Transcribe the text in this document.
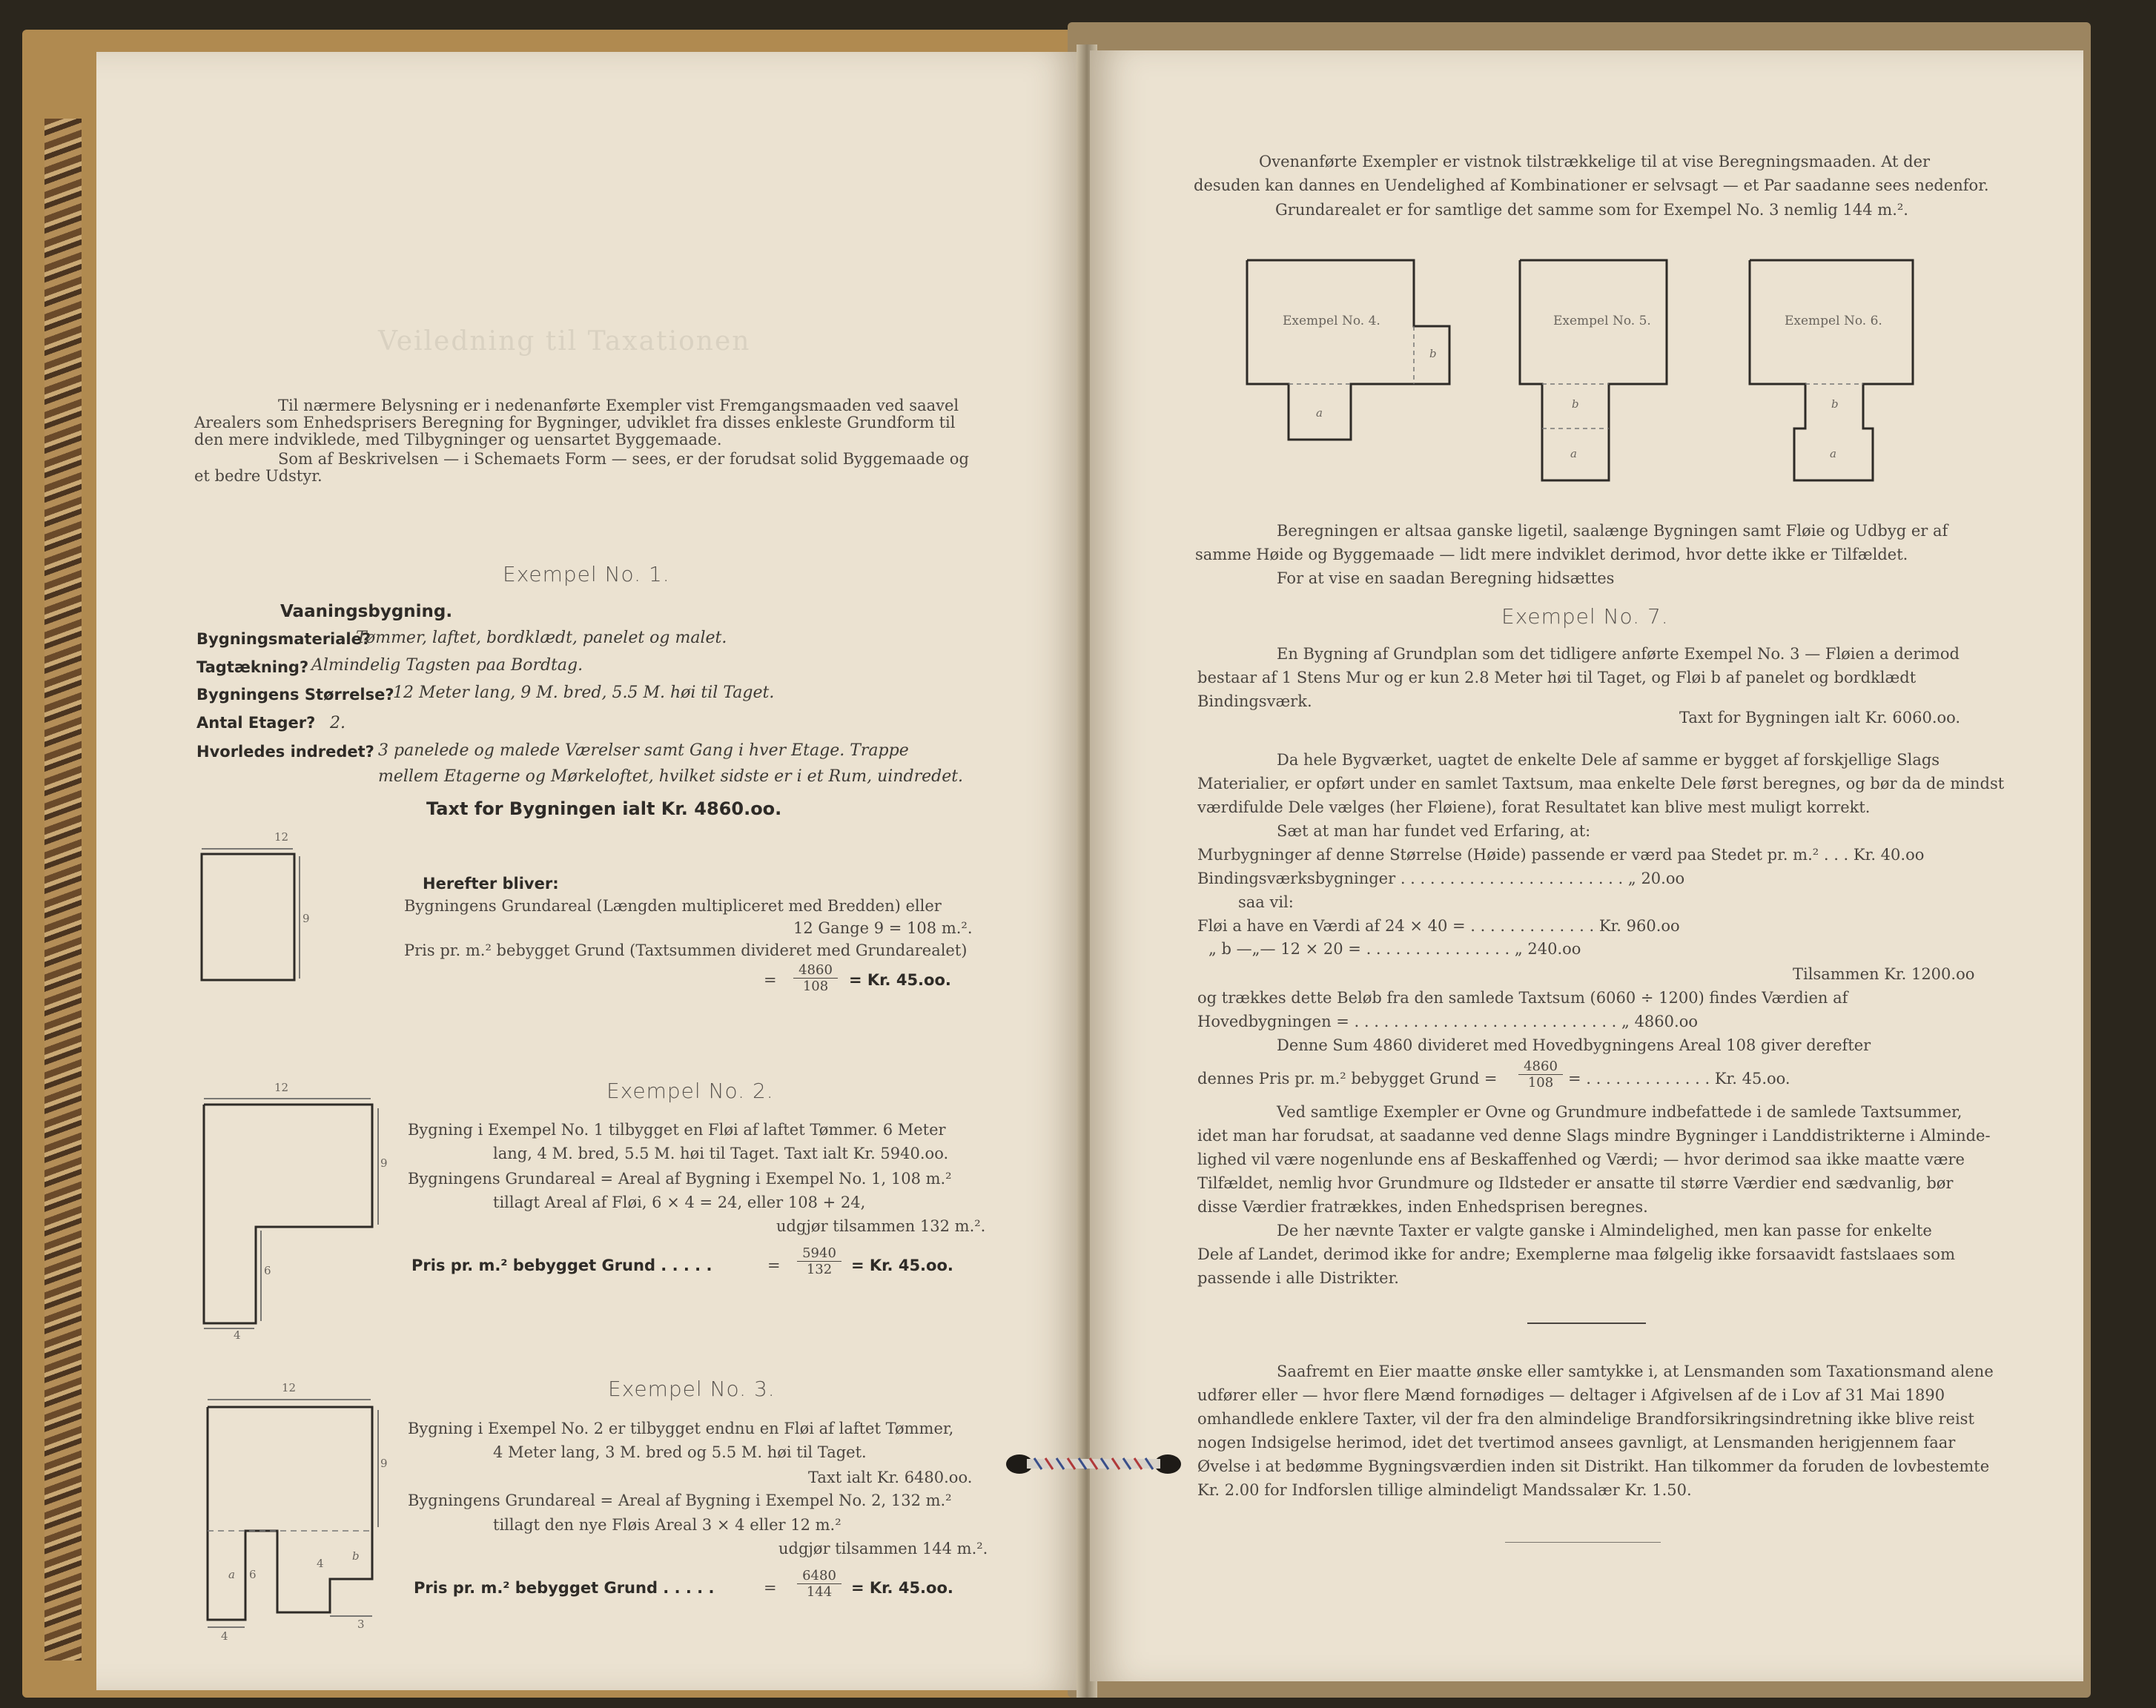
Veiledning til Taxationen
Til nærmere Belysning er i nedenanførte Exempler vist Fremgangsmaaden ved saavel
Arealers som Enhedsprisers Beregning for Bygninger, udviklet fra disses enkleste Grundform til
den mere indviklede, med Tilbygninger og uensartet Byggemaade.
Som af Beskrivelsen — i Schemaets Form — sees, er der forudsat solid Byggemaade og
et bedre Udstyr.
Exempel No. 1.
Vaaningsbygning.
Bygningsmateriale?
Tømmer, laftet, bordklædt, panelet og malet.
Tagtækning? Almindelig Tagsten paa Bordtag.
Bygningens Størrelse?
12 Meter lang, 9 M. bred, 5.5 M. høi til Taget.
Antal Etager? 2.
Hvorledes indredet? 3 panelede og malede Værelser samt Gang i hver Etage. Trappe
mellem Etagerne og Mørkeloftet, hvilket sidste er i et Rum, uindredet.
Taxt for Bygningen ialt Kr. 4860.oo.
12
9
Herefter bliver:
Bygningens Grundareal (Længden multipliceret med Bredden) eller
12 Gange 9 = 108 m.².
Pris pr. m.² bebygget Grund (Taxtsummen divideret med Grundarealet)
= $\frac{4860}{108} = Kr$. 45.oo.
Exempel No. 2.
12
9
6
4
Bygning i Exempel No. 1 tilbygget en Fløi af laftet Tømmer. 6 Meter
lang, 4 M. bred, 5.5 M. høi til Taget. Taxt ialt Kr. 5940.oo.
Bygningens Grundareal = Areal af Bygning i Exempel No. 1, 108 m.²
tillagt Areal af Fløi, 6 × 4 = 24, eller 108 + 24,
udgjør tilsammen 132 m.².
Pris pr. m.² bebygget Grund . . . . .	= $\frac{5940}{132} = Kr$. 45.oo.
Exempel No. 3.
12
9
a 6
4
b
4
3
Bygning i Exempel No. 2 er tilbygget endnu en Fløi af laftet Tømmer,
4 Meter lang, 3 M. bred og 5.5 M. høi til Taget.
Taxt ialt Kr. 6480.oo.
Bygningens Grundareal = Areal af Bygning i Exempel No. 2, 132 m.²
tillagt den nye Fløis Areal 3 × 4 eller 12 m.²
udgjør tilsammen 144 m.².
Pris pr. m.² bebygget Grund . . . . .	= $\frac{6480}{144} = Kr$. 45.oo.
Ovenanførte Exempler er vistnok tilstrækkelige til at vise Beregningsmaaden. At der
desuden kan dannes en Uendelighed af Kombinationer er selvsagt — et Par saadanne sees nedenfor.
Grundarealet er for samtlige det samme som for Exempel No. 3 nemlig 144 m.².
Exempel No. 4.
b
a
Exempel No. 5.
b
a
Exempel No. 6.
b
a
Beregningen er altsaa ganske ligetil, saalænge Bygningen samt Fløie og Udbyg er af
samme Høide og Byggemaade — lidt mere indviklet derimod, hvor dette ikke er Tilfældet.
For at vise en saadan Beregning hidsættes
Exempel No. 7.
En Bygning af Grundplan som det tidligere anførte Exempel No. 3 — Fløien a derimod
bestaar af 1 Stens Mur og er kun 2.8 Meter høi til Taget, og Fløi b af panelet og bordklædt
Bindingsværk.
Taxt for Bygningen ialt Kr. 6060.oo.
Da hele Bygværket, uagtet de enkelte Dele af samme er bygget af forskjellige Slags
Materialier, er opført under en samlet Taxtsum, maa enkelte Dele først beregnes, og bør da de mindst
værdifulde Dele vælges (her Fløiene), forat Resultatet kan blive mest muligt korrekt.
Sæt at man har fundet ved Erfaring, at:
Murbygninger af denne Størrelse (Høide) passende er værd paa Stedet pr. m.² . . . Kr. 40.oo
Bindingsværksbygninger . . . . . . . . . . . . . . . . . . . . . . . „ 20.oo
saa vil:
Fløi a have en Værdi af 24 × 40 = . . . . . . . . . . . . . Kr. 960.oo
„ b —„— 12 × 20 = . . . . . . . . . . . . . . . „ 240.oo
Tilsammen Kr. 1200.oo
og trækkes dette Beløb fra den samlede Taxtsum (6060 ÷ 1200) findes Værdien af
Hovedbygningen = . . . . . . . . . . . . . . . . . . . . . . . . . . . „ 4860.oo
Denne Sum 4860 divideret med Hovedbygningens Areal 108 giver derefter
dennes Pris pr. m.² bebygget Grund = $\frac{4860}{108}$ = . . . . . . . . . . . . . Kr. 45.oo.
Ved samtlige Exempler er Ovne og Grundmure indbefattede i de samlede Taxtsummer,
idet man har forudsat, at saadanne ved denne Slags mindre Bygninger i Landdistrikterne i Alminde-
lighed vil være nogenlunde ens af Beskaffenhed og Værdi; — hvor derimod saa ikke maatte være
Tilfældet, nemlig hvor Grundmure og Ildsteder er ansatte til større Værdier end sædvanlig, bør
disse Værdier fratrækkes, inden Enhedsprisen beregnes.
De her nævnte Taxter er valgte ganske i Almindelighed, men kan passe for enkelte
Dele af Landet, derimod ikke for andre; Exemplerne maa følgelig ikke forsaavidt fastslaaes som
passende i alle Distrikter.
Saafremt en Eier maatte ønske eller samtykke i, at Lensmanden som Taxationsmand alene
udfører eller — hvor flere Mænd fornødiges — deltager i Afgivelsen af de i Lov af 31 Mai 1890
omhandlede enklere Taxter, vil der fra den almindelige Brandforsikringsindretning ikke blive reist
nogen Indsigelse herimod, idet det tvertimod ansees gavnligt, at Lensmanden herigjennem faar
Øvelse i at bedømme Bygningsværdien inden sit Distrikt. Han tilkommer da foruden de lovbestemte
Kr. 2.00 for Indforslen tillige almindeligt Mandssalær Kr. 1.50.
